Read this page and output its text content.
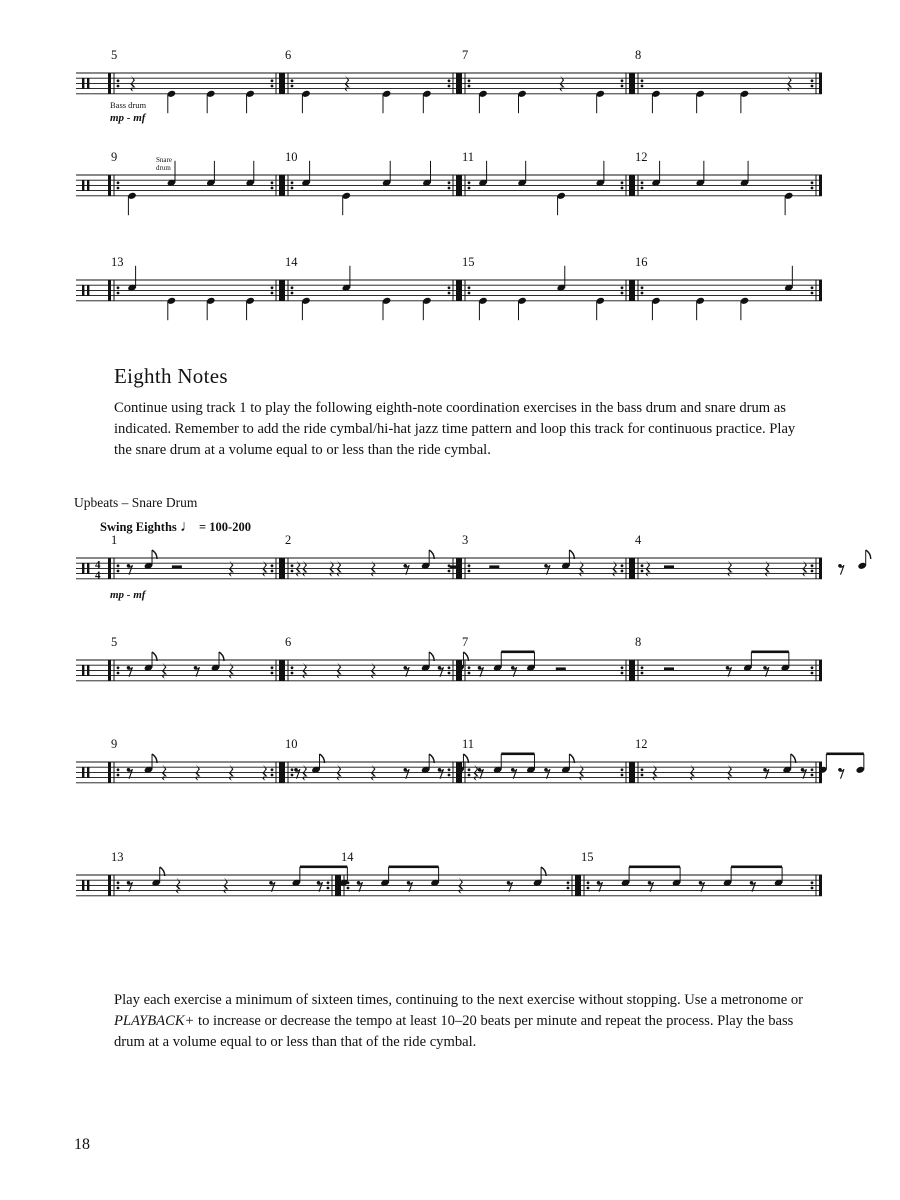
5	6	7	8
9	10	11	12
13	14	15	16
Bass drum
mp - mf
Snare
drum
4
4
1	2	3	4
5	6	7	8
9	10	11	12
13	14	15
mp - mf
Eighth Notes

Continue using track 1 to play the following eighth-note coordination exercises in the bass drum and snare drum as indicated. Remember to add the ride cymbal/hi-hat jazz time pattern and loop this track for continuous practice. Play the snare drum at a volume equal to or less than the ride cymbal.

Upbeats – Snare Drum

Swing Eighths ♩ = 100-200

Play each exercise a minimum of sixteen times, continuing to the next exercise without stopping. Use a metronome or PLAYBACK+ to increase or decrease the tempo at least 10–20 beats per minute and repeat the process. Play the bass drum at a volume equal to or less than that of the ride cymbal.

18
